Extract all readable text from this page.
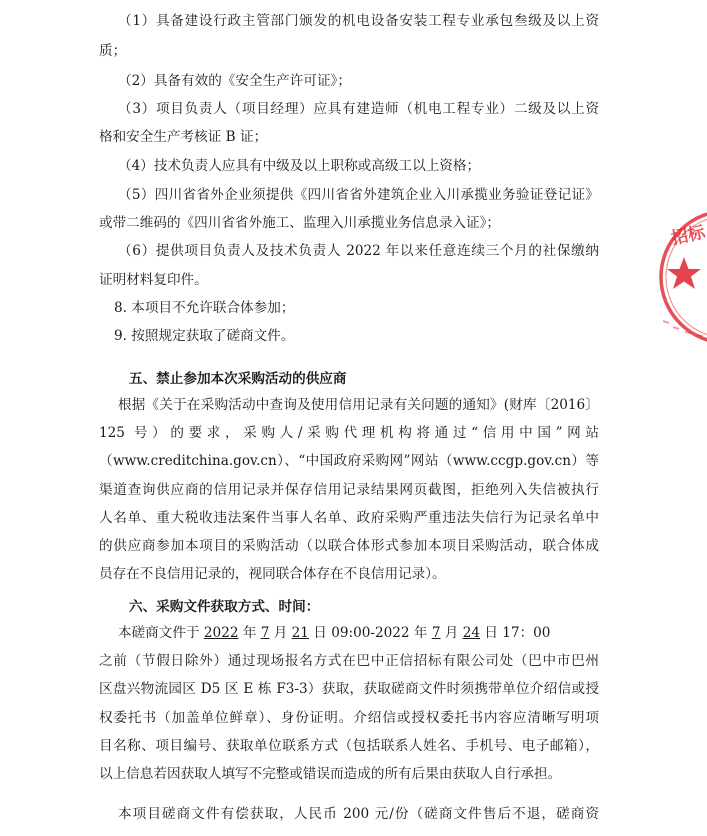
（1）具备建设行政主管部门颁发的机电设备安装工程专业承包叁级及以上资
质；
（2）具备有效的《安全生产许可证》；
（3）项目负责人（项目经理）应具有建造师（机电工程专业）二级及以上资
格和安全生产考核证 B 证；
（4）技术负责人应具有中级及以上职称或高级工以上资格；
（5）四川省省外企业须提供《四川省省外建筑企业入川承揽业务验证登记证》
或带二维码的《四川省省外施工、监理入川承揽业务信息录入证》；
（6）提供项目负责人及技术负责人 2022 年以来任意连续三个月的社保缴纳
证明材料复印件。
8. 本项目不允许联合体参加；
9. 按照规定获取了磋商文件。
五、禁止参加本次采购活动的供应商
根据《关于在采购活动中查询及使用信用记录有关问题的通知》(财库〔2016〕
125 号）的要求，采购人/采购代理机构将通过“信用中国”网站
（www.creditchina.gov.cn）、“中国政府采购网”网站（www.ccgp.gov.cn）等
渠道查询供应商的信用记录并保存信用记录结果网页截图，拒绝列入失信被执行
人名单、重大税收违法案件当事人名单、政府采购严重违法失信行为记录名单中
的供应商参加本项目的采购活动（以联合体形式参加本项目采购活动，联合体成
员存在不良信用记录的，视同联合体存在不良信用记录）。
六、采购文件获取方式、时间：
本磋商文件于 2022 年 7 月 21 日 09:00-2022 年 7 月 24 日 17：00
之前（节假日除外）通过现场报名方式在巴中正信招标有限公司处（巴中市巴州
区盘兴物流园区 D5 区 E 栋 F3-3）获取，获取磋商文件时须携带单位介绍信或授
权委托书（加盖单位鲜章）、身份证明。介绍信或授权委托书内容应清晰写明项
目名称、项目编号、获取单位联系方式（包括联系人姓名、手机号、电子邮箱），
以上信息若因获取人填写不完整或错误而造成的所有后果由获取人自行承担。
本项目磋商文件有偿获取，人民币 200 元/份（磋商文件售后不退，磋商资
招标
